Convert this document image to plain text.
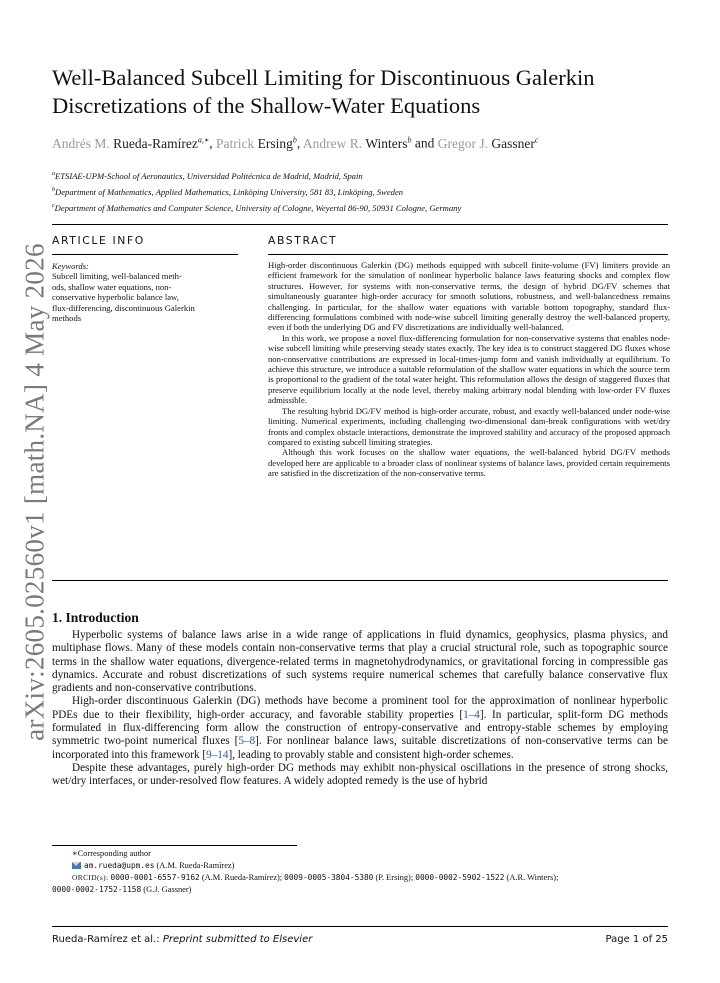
arXiv:2605.02560v1 [math.NA] 4 May 2026
Well-Balanced Subcell Limiting for Discontinuous Galerkin
Discretizations of the Shallow-Water Equations
Andrés M. Rueda-Ramírez$^{a,∗}$, Patrick Ersing$^b$, Andrew R. Winters$^b$ and Gregor J. Gassner$^c$
$^a$ETSIAE-UPM-School of Aeronautics, Universidad Politécnica de Madrid, Madrid, Spain
$^b$Department of Mathematics, Applied Mathematics, Linköping University, 581 83, Linköping, Sweden
$^c$Department of Mathematics and Computer Science, University of Cologne, Weyertal 86-90, 50931 Cologne, Germany
ARTICLE INFO	ABSTRACT
Keywords:
Subcell limiting, well-balanced meth-
ods, shallow water equations, non-
conservative hyperbolic balance law,
flux-differencing, discontinuous Galerkin
methods

High-order discontinuous Galerkin (DG) methods equipped with subcell finite-volume (FV) limiters provide an efficient framework for the simulation of nonlinear hyperbolic balance laws featuring shocks and complex flow structures. However, for systems with non-conservative terms, the design of hybrid DG/FV schemes that simultaneously guarantee high-order accuracy for smooth solutions, robustness, and well-balancedness remains challenging. In particular, for the shallow water equations with variable bottom topography, standard flux-differencing formulations combined with node-wise subcell limiting generally destroy the well-balanced property, even if both the underlying DG and FV discretizations are individually well-balanced.

In this work, we propose a novel flux-differencing formulation for non-conservative systems that enables node-wise subcell limiting while preserving steady states exactly. The key idea is to construct staggered DG fluxes whose non-conservative contributions are expressed in local-times-jump form and vanish individually at equilibrium. To achieve this structure, we introduce a suitable reformulation of the shallow water equations in which the source term is proportional to the gradient of the total water height. This reformulation allows the design of staggered fluxes that preserve equilibrium locally at the node level, thereby making arbitrary nodal blending with low-order FV fluxes admissible.

The resulting hybrid DG/FV method is high-order accurate, robust, and exactly well-balanced under node-wise limiting. Numerical experiments, including challenging two-dimensional dam-break configurations with wet/dry fronts and complex obstacle interactions, demonstrate the improved stability and accuracy of the proposed approach compared to existing subcell limiting strategies.

Although this work focuses on the shallow water equations, the well-balanced hybrid DG/FV methods developed here are applicable to a broader class of nonlinear systems of balance laws, provided certain requirements are satisfied in the discretization of the non-conservative terms.

1. Introduction

Hyperbolic systems of balance laws arise in a wide range of applications in fluid dynamics, geophysics, plasma physics, and multiphase flows. Many of these models contain non-conservative terms that play a crucial structural role, such as topographic source terms in the shallow water equations, divergence-related terms in magnetohydrodynamics, or gravitational forcing in compressible gas dynamics. Accurate and robust discretizations of such systems require numerical schemes that carefully balance conservative flux gradients and non-conservative contributions.

High-order discontinuous Galerkin (DG) methods have become a prominent tool for the approximation of nonlinear hyperbolic PDEs due to their flexibility, high-order accuracy, and favorable stability properties [1–4]. In particular, split-form DG methods formulated in flux-differencing form allow the construction of entropy-conservative and entropy-stable schemes by employing symmetric two-point numerical fluxes [5–8]. For nonlinear balance laws, suitable discretizations of non-conservative terms can be incorporated into this framework [9–14], leading to provably stable and consistent high-order schemes.

Despite these advantages, purely high-order DG methods may exhibit non-physical oscillations in the presence of strong shocks, wet/dry interfaces, or under-resolved flow features. A widely adopted remedy is the use of hybrid

∗Corresponding author
am.rueda@upm.es (A.M. Rueda-Ramírez)
ORCID(s): 0000-0001-6557-9162 (A.M. Rueda-Ramírez); 0009-0005-3804-5380 (P. Ersing); 0000-0002-5902-1522 (A.R. Winters);
0000-0002-1752-1158 (G.J. Gassner)
Rueda-Ramírez et al.: Preprint submitted to Elsevier	Page 1 of 25
